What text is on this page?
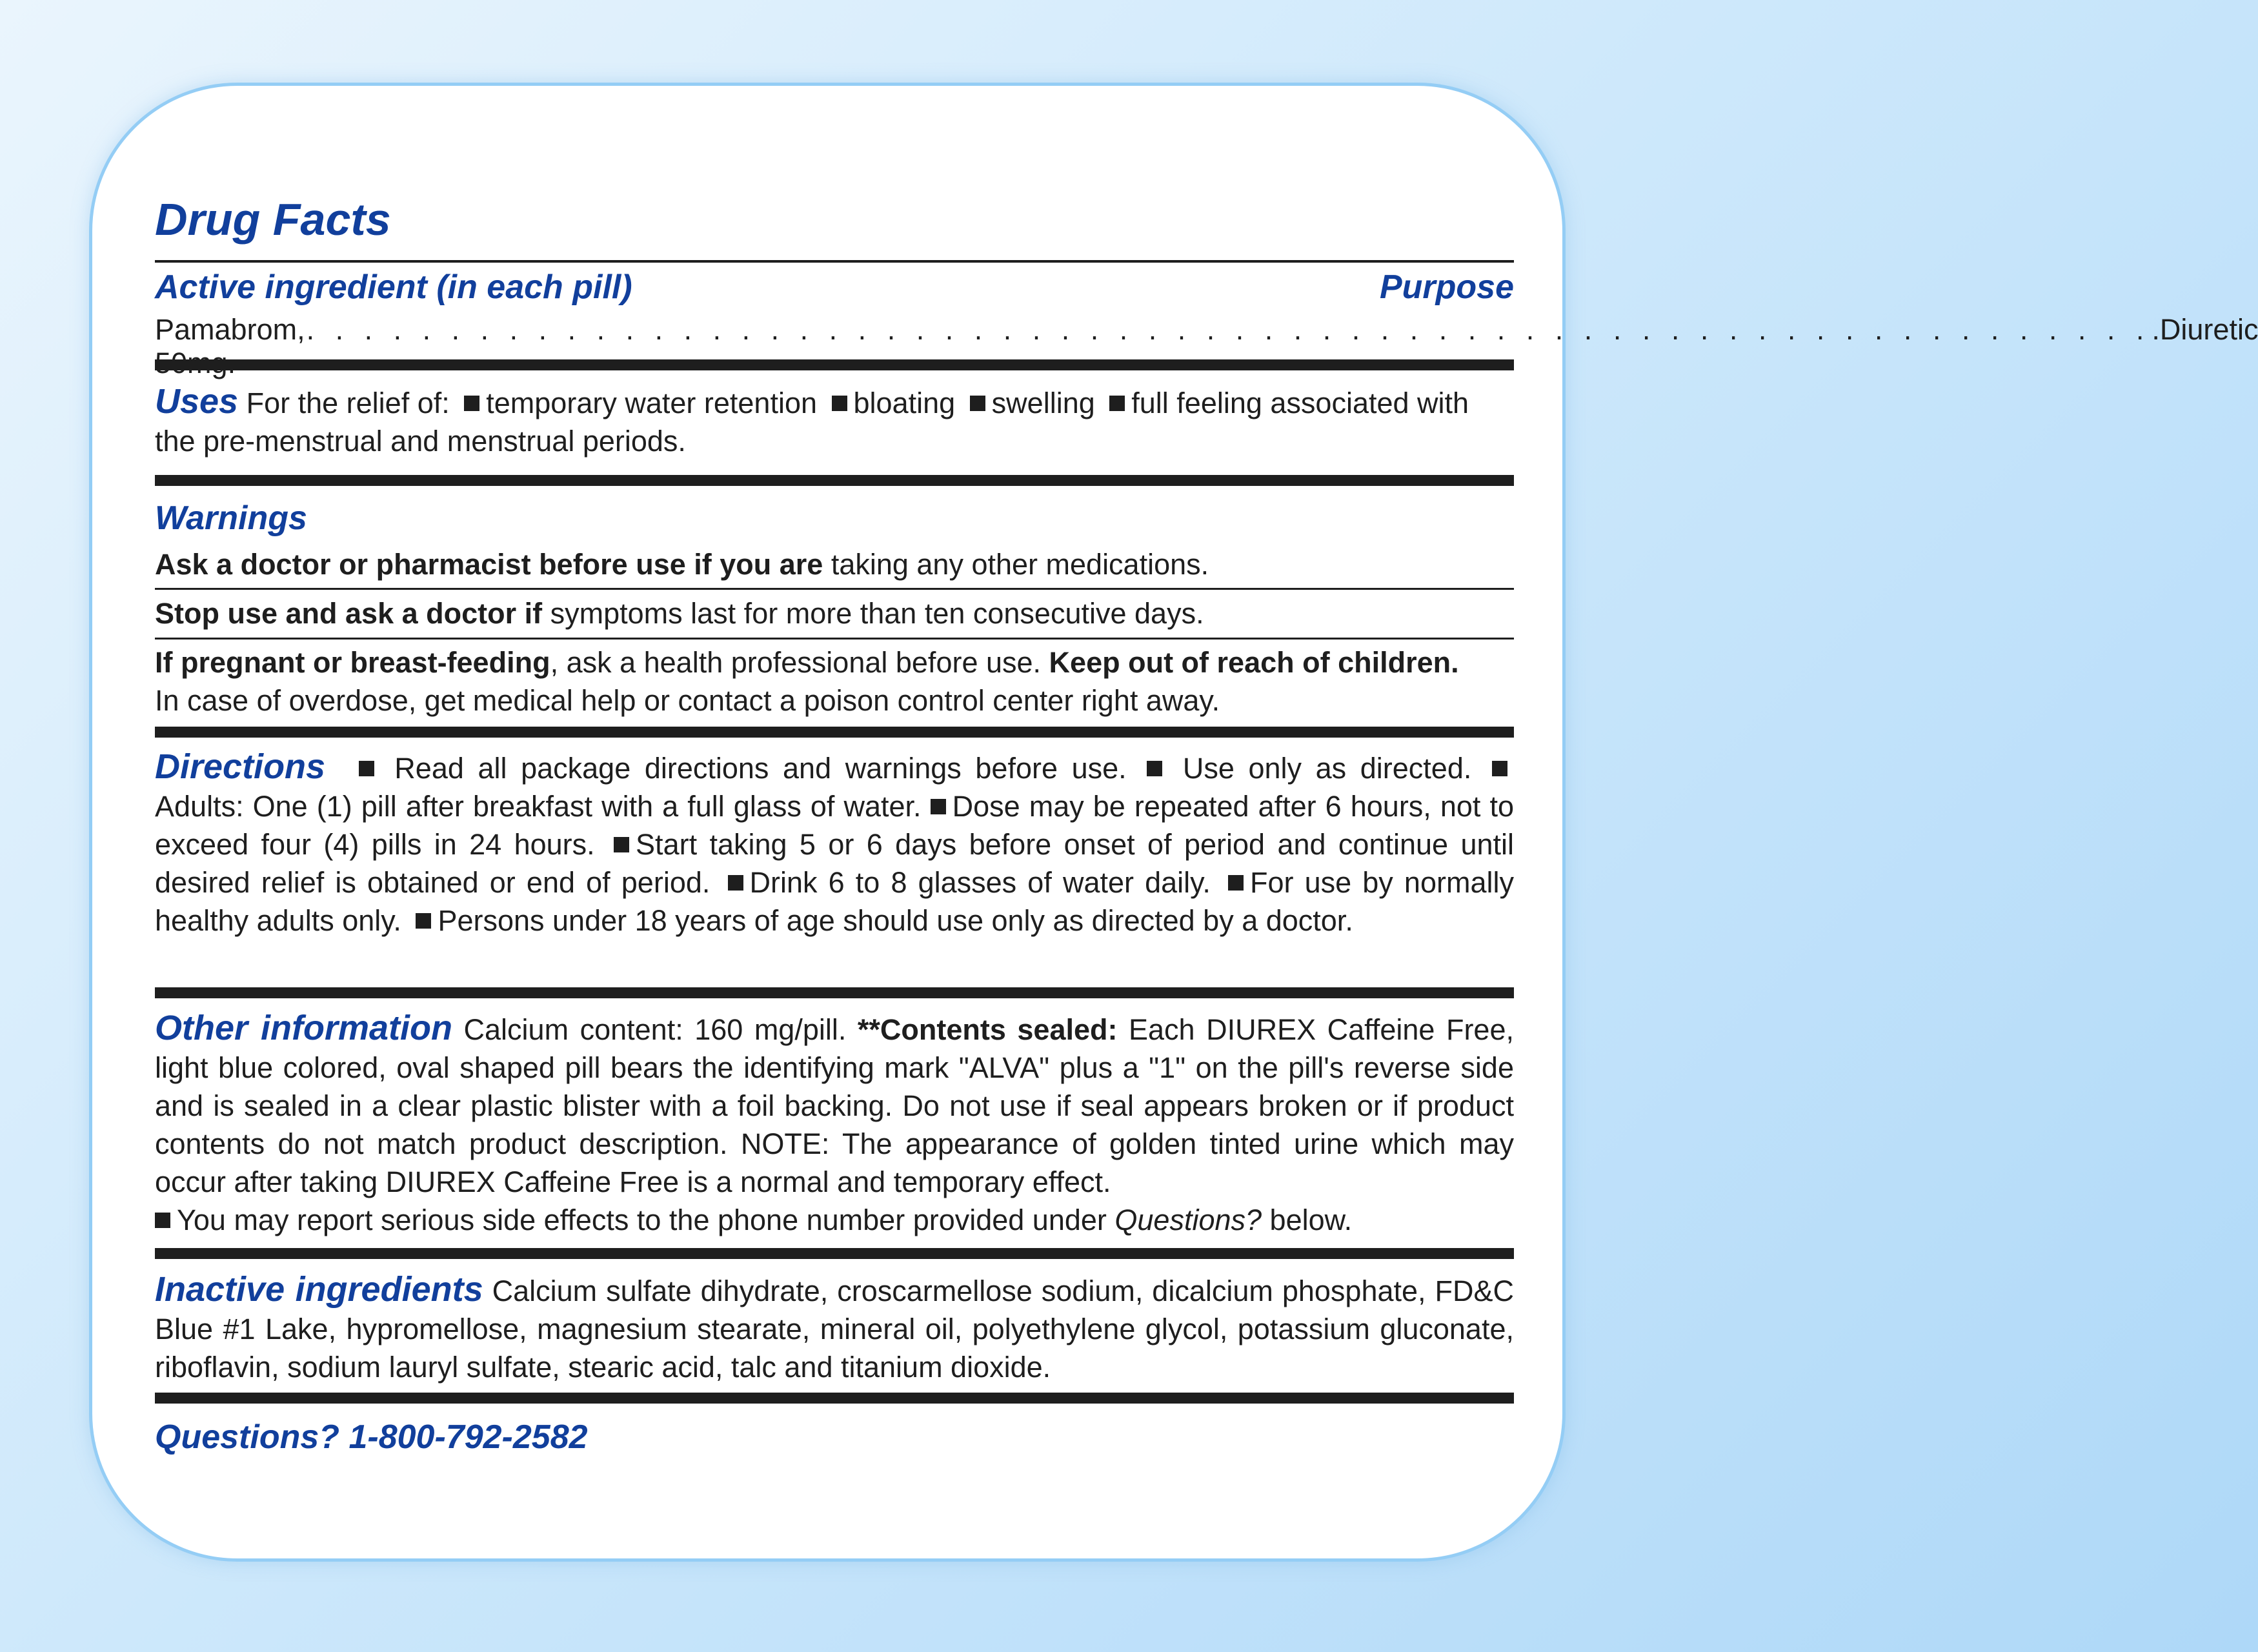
Drug Facts
Active ingredient (in each pill)	Purpose
Pamabrom, . . . . . . . . . . . . . . . . . . . . . . . . . . . . . . . . . . . . . . . . . . . . . . . . . . . . . . . . . . . . . . . . .Diuretic
Uses For the relief of: temporary water retention bloating swelling full feeling associated with the pre-menstrual and menstrual periods.
Warnings
Ask a doctor or pharmacist before use if you are taking any other medications.
Stop use and ask a doctor if symptoms last for more than ten consecutive days.
If pregnant or breast-feeding, ask a health professional before use. Keep out of reach of children.
In case of overdose, get medical help or contact a poison control center right away.
Directions Read all package directions and warnings before use. Use only as directed.  Adults: One (1) pill after breakfast with a full glass of water. Dose may be repeated after 6 hours, not to exceed four (4) pills in 24 hours. Start taking 5 or 6 days before onset of period and continue until desired relief is obtained or end of period. Drink 6 to 8 glasses of water daily. For use by normally healthy adults only. Persons under 18 years of age should use only as directed by a doctor.
Other information Calcium content: 160 mg/pill. **Contents sealed: Each DIUREX Caffeine Free, light blue colored, oval shaped pill bears the identifying mark "ALVA" plus a "1" on the pill's reverse side and is sealed in a clear plastic blister with a foil backing. Do not use if seal appears broken or if product contents do not match product description. NOTE: The appearance of golden tinted urine which may occur after taking DIUREX Caffeine Free is a normal and temporary effect.
You may report serious side effects to the phone number provided under Questions? below.
Inactive ingredients Calcium sulfate dihydrate, croscarmellose sodium, dicalcium phosphate, FD&C Blue #1 Lake, hypromellose, magnesium stearate, mineral oil, polyethylene glycol, potassium gluconate, riboflavin, sodium lauryl sulfate, stearic acid, talc and titanium dioxide.
Questions? 1-800-792-2582
